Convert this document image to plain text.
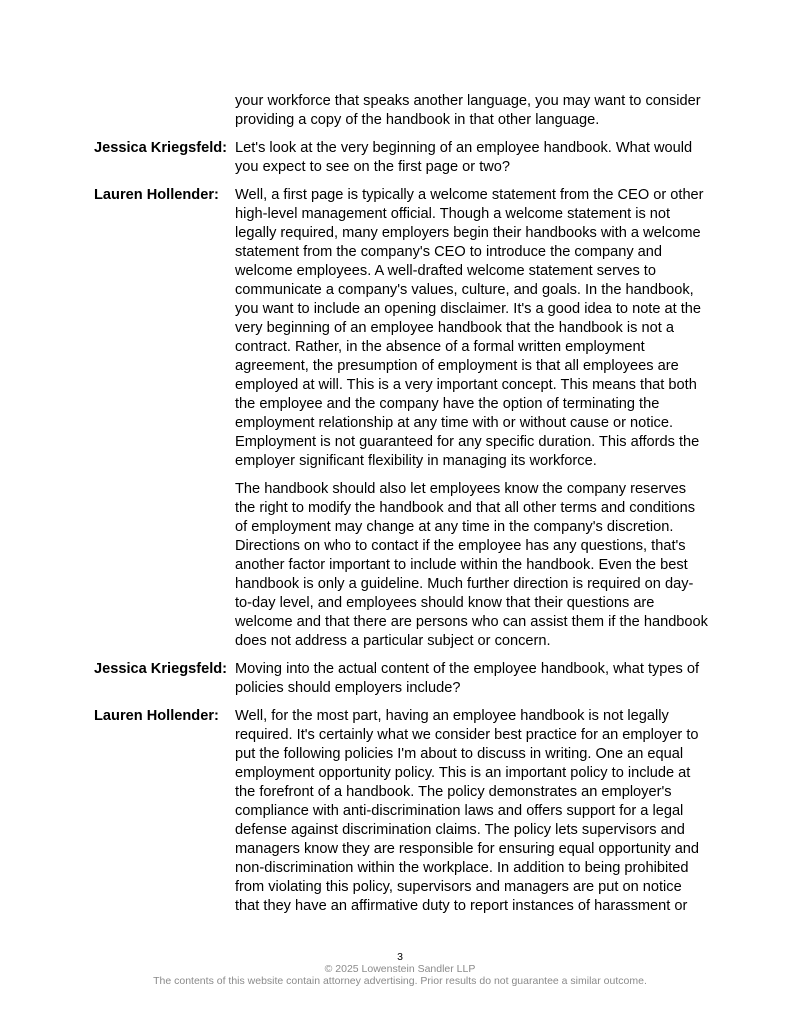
your workforce that speaks another language, you may want to consider providing a copy of the handbook in that other language.

Jessica Kriegsfeld: Let's look at the very beginning of an employee handbook. What would you expect to see on the first page or two?

Lauren Hollender:	Well, a first page is typically a welcome statement from the CEO or other high-level management official. Though a welcome statement is not legally required, many employers begin their handbooks with a welcome statement from the company's CEO to introduce the company and welcome employees. A well-drafted welcome statement serves to communicate a company's values, culture, and goals. In the handbook, you want to include an opening disclaimer. It's a good idea to note at the very beginning of an employee handbook that the handbook is not a contract. Rather, in the absence of a formal written employment agreement, the presumption of employment is that all employees are employed at will. This is a very important concept. This means that both the employee and the company have the option of terminating the employment relationship at any time with or without cause or notice. Employment is not guaranteed for any specific duration. This affords the employer significant flexibility in managing its workforce.

The handbook should also let employees know the company reserves the right to modify the handbook and that all other terms and conditions of employment may change at any time in the company's discretion. Directions on who to contact if the employee has any questions, that's another factor important to include within the handbook. Even the best handbook is only a guideline. Much further direction is required on day-to-day level, and employees should know that their questions are welcome and that there are persons who can assist them if the handbook does not address a particular subject or concern.

Jessica Kriegsfeld: Moving into the actual content of the employee handbook, what types of policies should employers include?

Lauren Hollender:	Well, for the most part, having an employee handbook is not legally required. It's certainly what we consider best practice for an employer to put the following policies I'm about to discuss in writing. One an equal employment opportunity policy. This is an important policy to include at the forefront of a handbook. The policy demonstrates an employer's compliance with anti-discrimination laws and offers support for a legal defense against discrimination claims. The policy lets supervisors and managers know they are responsible for ensuring equal opportunity and non-discrimination within the workplace. In addition to being prohibited from violating this policy, supervisors and managers are put on notice that they have an affirmative duty to report instances of harassment or

3
© 2025 Lowenstein Sandler LLP
The contents of this website contain attorney advertising. Prior results do not guarantee a similar outcome.
